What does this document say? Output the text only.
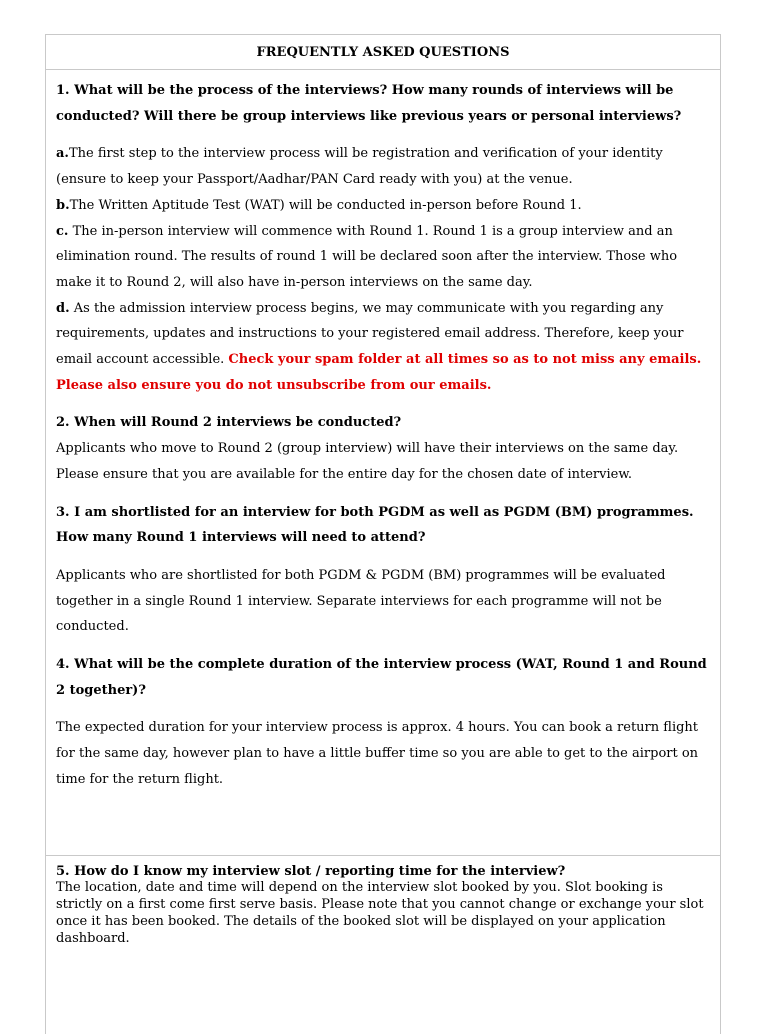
FREQUENTLY ASKED QUESTIONS

1. What will be the process of the interviews? How many rounds of interviews will be conducted? Will there be group interviews like previous years or personal interviews?

a.The first step to the interview process will be registration and verification of your identity (ensure to keep your Passport/Aadhar/PAN Card ready with you) at the venue.

b.The Written Aptitude Test (WAT) will be conducted in-person before Round 1.

c. The in-person interview will commence with Round 1. Round 1 is a group interview and an elimination round. The results of round 1 will be declared soon after the interview. Those who make it to Round 2, will also have in-person interviews on the same day.

d. As the admission interview process begins, we may communicate with you regarding any requirements, updates and instructions to your registered email address. Therefore, keep your email account accessible. Check your spam folder at all times so as to not miss any emails. Please also ensure you do not unsubscribe from our emails.

2. When will Round 2 interviews be conducted?

Applicants who move to Round 2 (group interview) will have their interviews on the same day. Please ensure that you are available for the entire day for the chosen date of interview.

3. I am shortlisted for an interview for both PGDM as well as PGDM (BM) programmes. How many Round 1 interviews will need to attend?

Applicants who are shortlisted for both PGDM & PGDM (BM) programmes will be evaluated together in a single Round 1 interview. Separate interviews for each programme will not be conducted.

4. What will be the complete duration of the interview process (WAT, Round 1 and Round 2 together)?

The expected duration for your interview process is approx. 4 hours. You can book a return flight for the same day, however plan to have a little buffer time so you are able to get to the airport on time for the return flight.

5. How do I know my interview slot / reporting time for the interview?

The location, date and time will depend on the interview slot booked by you. Slot booking is strictly on a first come first serve basis. Please note that you cannot change or exchange your slot once it has been booked. The details of the booked slot will be displayed on your application dashboard.
